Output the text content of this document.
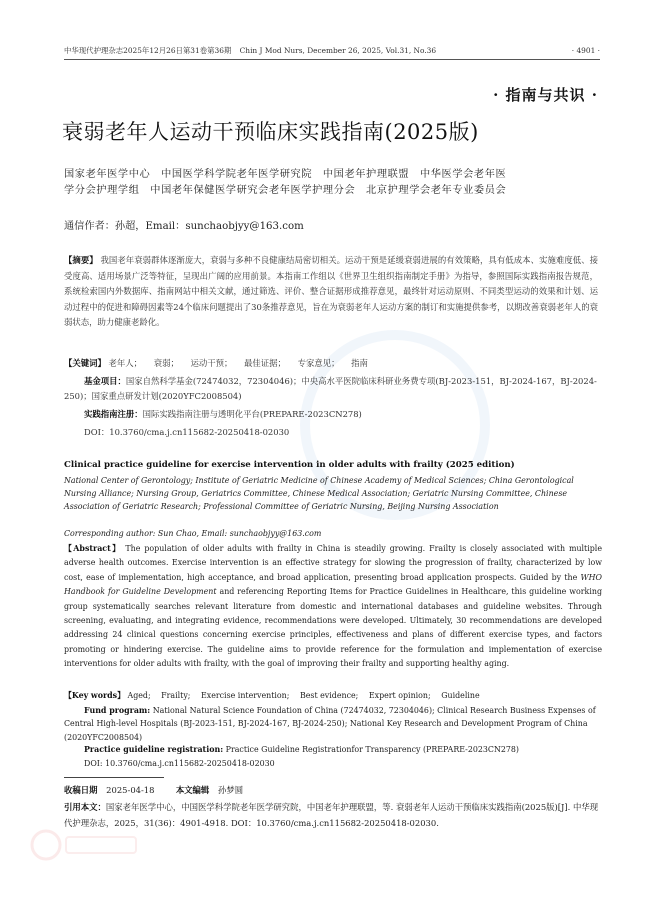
中华现代护理杂志2025年12月26日第31卷第36期 Chin J Mod Nurs, December 26, 2025, Vol.31, No.36	· 4901 ·
· 指南与共识 ·
衰弱老年人运动干预临床实践指南(2025版)
国家老年医学中心　中国医学科学院老年医学研究院　中国老年护理联盟　中华医学会老年医学分会护理学组　中国老年保健医学研究会老年医学护理分会　北京护理学会老年专业委员会
通信作者：孙超，Email：sunchaobjyy@163.com
【摘要】 我国老年衰弱群体逐渐庞大，衰弱与多种不良健康结局密切相关。运动干预是延缓衰弱进展的有效策略，具有低成本、实施难度低、接受度高、适用场景广泛等特征，呈现出广阔的应用前景。本指南工作组以《世界卫生组织指南制定手册》为指导，参照国际实践指南报告规范，系统检索国内外数据库、指南网站中相关文献，通过筛选、评价、整合证据形成推荐意见，最终针对运动原则、不同类型运动的效果和计划、运动过程中的促进和障碍因素等24个临床问题提出了30条推荐意见，旨在为衰弱老年人运动方案的制订和实施提供参考，以期改善衰弱老年人的衰弱状态，助力健康老龄化。
【关键词】 老年人； 衰弱； 运动干预； 最佳证据； 专家意见； 指南
基金项目：国家自然科学基金(72474032，72304046)；中央高水平医院临床科研业务费专项(BJ-2023-151，BJ-2024-167，BJ-2024-250)；国家重点研发计划(2020YFC2008504)
实践指南注册：国际实践指南注册与透明化平台(PREPARE-2023CN278)
DOI：10.3760/cma.j.cn115682-20250418-02030
Clinical practice guideline for exercise intervention in older adults with frailty (2025 edition)
National Center of Gerontology; Institute of Geriatric Medicine of Chinese Academy of Medical Sciences; China Gerontological Nursing Alliance; Nursing Group, Geriatrics Committee, Chinese Medical Association; Geriatric Nursing Committee, Chinese Association of Geriatric Research; Professional Committee of Geriatric Nursing, Beijing Nursing Association
Corresponding author: Sun Chao, Email: sunchaobjyy@163.com
【Abstract】 The population of older adults with frailty in China is steadily growing. Frailty is closely associated with multiple adverse health outcomes. Exercise intervention is an effective strategy for slowing the progression of frailty, characterized by low cost, ease of implementation, high acceptance, and broad application, presenting broad application prospects. Guided by the WHO Handbook for Guideline Development and referencing Reporting Items for Practice Guidelines in Healthcare, this guideline working group systematically searches relevant literature from domestic and international databases and guideline websites. Through screening, evaluating, and integrating evidence, recommendations were developed. Ultimately, 30 recommendations are developed addressing 24 clinical questions concerning exercise principles, effectiveness and plans of different exercise types, and factors promoting or hindering exercise. The guideline aims to provide reference for the formulation and implementation of exercise interventions for older adults with frailty, with the goal of improving their frailty and supporting healthy aging.
【Key words】 Aged; Frailty; Exercise intervention; Best evidence; Expert opinion; Guideline
Fund program: National Natural Science Foundation of China (72474032, 72304046); Clinical Research Business Expenses of Central High-level Hospitals (BJ-2023-151, BJ-2024-167, BJ-2024-250); National Key Research and Development Program of China (2020YFC2008504)
Practice guideline registration: Practice Guideline Registrationfor Transparency (PREPARE-2023CN278)
DOI: 10.3760/cma.j.cn115682-20250418-02030
收稿日期 2025-04-18	本文编辑 孙梦圆
引用本文：国家老年医学中心，中国医学科学院老年医学研究院，中国老年护理联盟，等. 衰弱老年人运动干预临床实践指南(2025版)[J]. 中华现代护理杂志，2025，31(36)：4901-4918. DOI：10.3760/cma.j.cn115682-20250418-02030.
